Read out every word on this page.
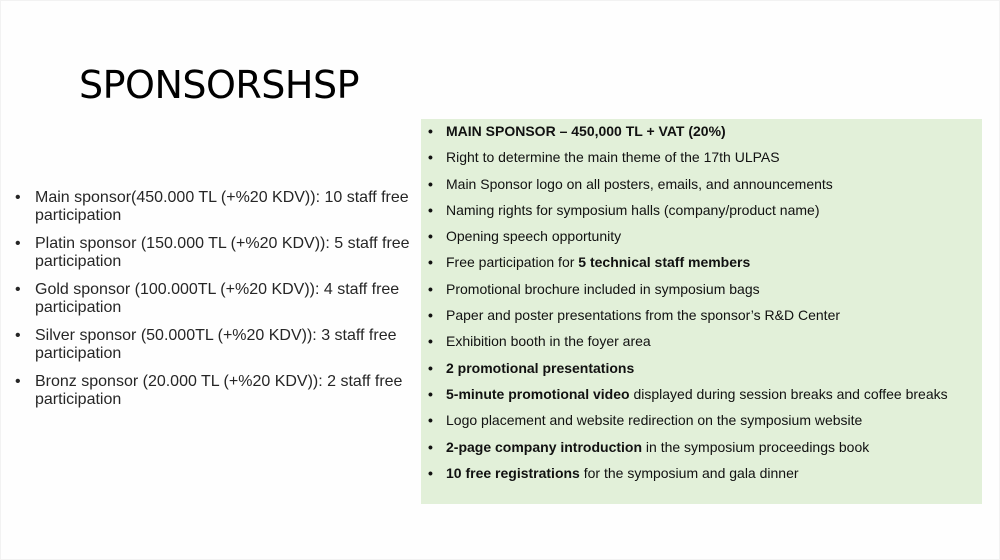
SPONSORSHSP
• Main sponsor(450.000 TL (+%20 KDV)): 10 staff free participation
• Platin sponsor (150.000 TL (+%20 KDV)): 5 staff free participation
• Gold sponsor (100.000TL (+%20 KDV)): 4 staff free participation
• Silver sponsor (50.000TL (+%20 KDV)): 3 staff free participation
• Bronz sponsor (20.000 TL (+%20 KDV)): 2 staff free participation
• MAIN SPONSOR – 450,000 TL + VAT (20%)
• Right to determine the main theme of the 17th ULPAS
• Main Sponsor logo on all posters, emails, and announcements
• Naming rights for symposium halls (company/product name)
• Opening speech opportunity
• Free participation for 5 technical staff members
• Promotional brochure included in symposium bags
• Paper and poster presentations from the sponsor’s R&D Center
• Exhibition booth in the foyer area
• 2 promotional presentations
• 5-minute promotional video displayed during session breaks and coffee breaks
• Logo placement and website redirection on the symposium website
• 2-page company introduction in the symposium proceedings book
• 10 free registrations for the symposium and gala dinner
